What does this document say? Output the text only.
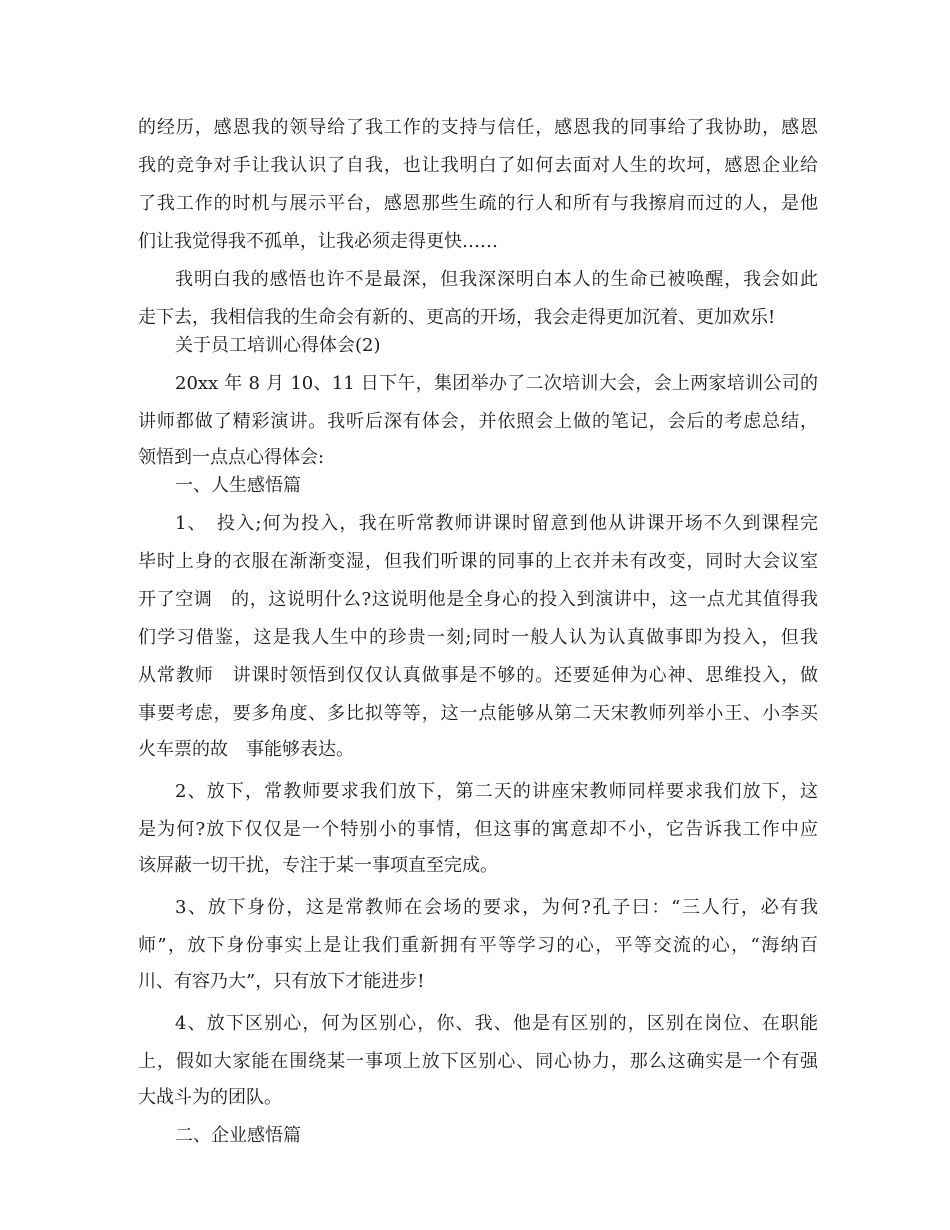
的经历，感恩我的领导给了我工作的支持与信任，感恩我的同事给了我协助，感恩
我的竞争对手让我认识了自我，也让我明白了如何去面对人生的坎坷，感恩企业给
了我工作的时机与展示平台，感恩那些生疏的行人和所有与我擦肩而过的人，是他
们让我觉得我不孤单，让我必须走得更快……
我明白我的感悟也许不是最深，但我深深明白本人的生命已被唤醒，我会如此
走下去，我相信我的生命会有新的、更高的开场，我会走得更加沉着、更加欢乐!
关于员工培训心得体会(2)
20xx 年 8 月 10、11 日下午，集团举办了二次培训大会，会上两家培训公司的
讲师都做了精彩演讲。我听后深有体会，并依照会上做的笔记，会后的考虑总结，
领悟到一点点心得体会:
一、人生感悟篇
1、　投入;何为投入，我在听常教师讲课时留意到他从讲课开场不久到课程完
毕时上身的衣服在渐渐变湿，但我们听课的同事的上衣并未有改变，同时大会议室
开了空调　的，这说明什么?这说明他是全身心的投入到演讲中，这一点尤其值得我
们学习借鉴，这是我人生中的珍贵一刻;同时一般人认为认真做事即为投入，但我
从常教师　讲课时领悟到仅仅认真做事是不够的。还要延伸为心神、思维投入，做
事要考虑，要多角度、多比拟等等，这一点能够从第二天宋教师列举小王、小李买
火车票的故　事能够表达。
2、放下，常教师要求我们放下，第二天的讲座宋教师同样要求我们放下，这
是为何?放下仅仅是一个特别小的事情，但这事的寓意却不小，它告诉我工作中应
该屏蔽一切干扰，专注于某一事项直至完成。
3、放下身份，这是常教师在会场的要求，为何?孔子曰：“三人行，必有我
师”，放下身份事实上是让我们重新拥有平等学习的心，平等交流的心，“海纳百
川、有容乃大”，只有放下才能进步!
4、放下区别心，何为区别心，你、我、他是有区别的，区别在岗位、在职能
上，假如大家能在围绕某一事项上放下区别心、同心协力，那么这确实是一个有强
大战斗为的团队。
二、企业感悟篇
